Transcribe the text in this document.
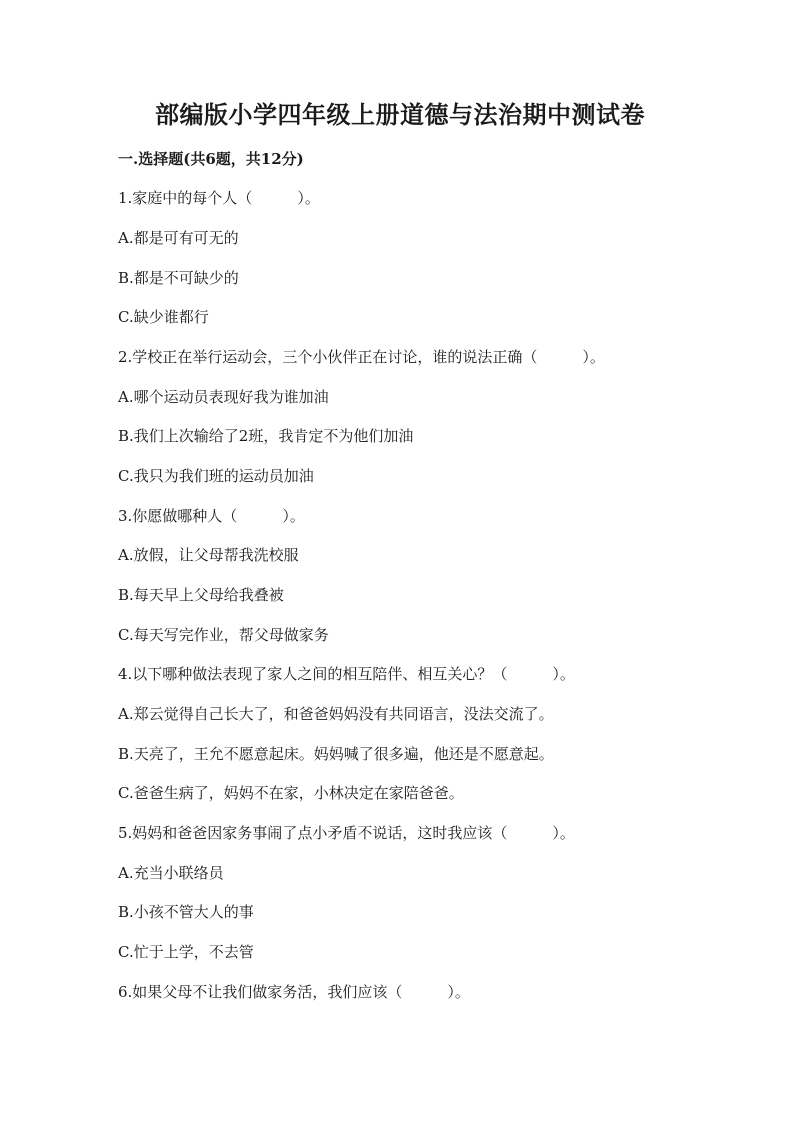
部编版小学四年级上册道德与法治期中测试卷
一.选择题(共6题，共12分)
1.家庭中的每个人（　　　）。
A.都是可有可无的
B.都是不可缺少的
C.缺少谁都行
2.学校正在举行运动会，三个小伙伴正在讨论，谁的说法正确（　　　）。
A.哪个运动员表现好我为谁加油
B.我们上次输给了2班，我肯定不为他们加油
C.我只为我们班的运动员加油
3.你愿做哪种人（　　　）。
A.放假，让父母帮我洗校服
B.每天早上父母给我叠被
C.每天写完作业，帮父母做家务
4.以下哪种做法表现了家人之间的相互陪伴、相互关心？（　　　）。
A.郑云觉得自己长大了，和爸爸妈妈没有共同语言，没法交流了。
B.天亮了，王允不愿意起床。妈妈喊了很多遍，他还是不愿意起。
C.爸爸生病了，妈妈不在家，小林决定在家陪爸爸。
5.妈妈和爸爸因家务事闹了点小矛盾不说话，这时我应该（　　　）。
A.充当小联络员
B.小孩不管大人的事
C.忙于上学，不去管
6.如果父母不让我们做家务活，我们应该（　　　）。
